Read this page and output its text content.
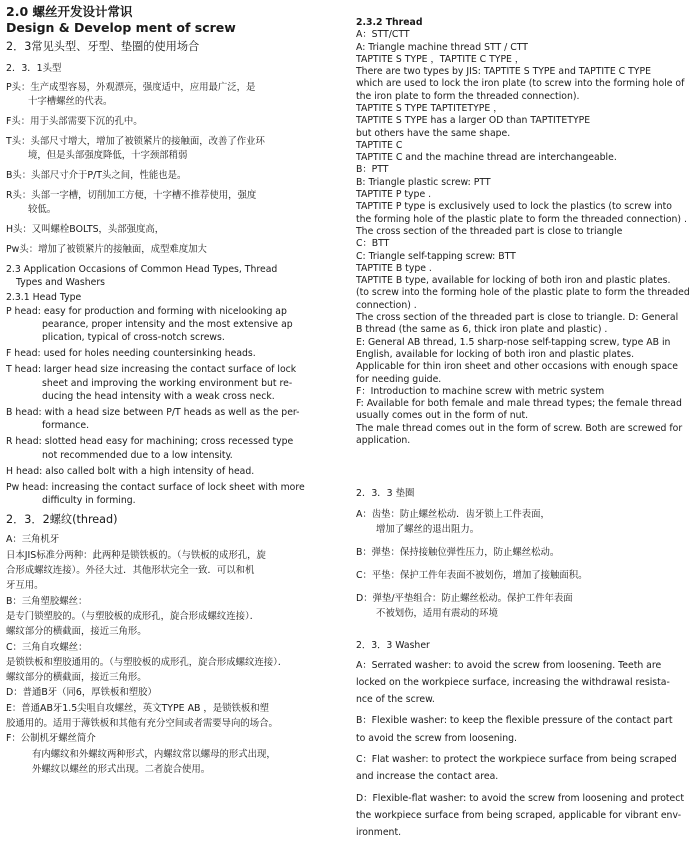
2.0 螺丝开发设计常识

Design & Develop ment of screw

2．3常见头型、牙型、垫圈的使用场合

2．3．1头型

P头：生产成型容易，外观漂亮，强度适中，应用最广泛，是

十字槽螺丝的代表。

F头：用于头部需要下沉的孔中。

T头：头部尺寸增大，增加了被锁紧片的接触面，改善了作业环

境，但是头部强度降低，十字颈部稍弱

B头：头部尺寸介于P/T头之间，性能也是。

R头：头部一字槽，切削加工方便，十字槽不推荐使用，强度

较低。

H头：又叫螺栓BOLTS，头部强度高，

Pw头：增加了被锁紧片的接触面，成型难度加大

2.3 Application Occasions of Common Head Types, Thread

Types and Washers

2.3.1 Head Type

P head: easy for production and forming with nicelooking ap

pearance, proper intensity and the most extensive ap

plication, typical of cross-notch screws.

F head: used for holes needing countersinking heads.

T head: larger head size increasing the contact surface of lock

sheet and improving the working environment but re-

ducing the head intensity with a weak cross neck.

B head: with a head size between P/T heads as well as the per-

formance.

R head: slotted head easy for machining; cross recessed type

not recommended due to a low intensity.

H head: also called bolt with a high intensity of head.

Pw head: increasing the contact surface of lock sheet with more

difficulty in forming.

2．3．2螺纹(thread)

A：三角机牙

日本JIS标准分两种：此两种是锁铁板的。（与铁板的成形孔，旋

合形成螺纹连接）。外径大过．其他形状完全一致．可以和机

牙互用。

B：三角塑胶螺丝：

是专门锁塑胶的。（与塑胶板的成形孔，旋合形成螺纹连接）．

螺纹部分的横截面，接近三角形。

C：三角自攻螺丝：

是锁铁板和塑胶通用的。（与塑胶板的成形孔，旋合形成螺纹连接）．

螺纹部分的横截面，接近三角形。

D：普通B牙（同6，厚铁板和塑胶）

E：普通AB牙1.5尖咀自攻螺丝，英文TYPE AB ，是锁铁板和塑

胶通用的。适用于薄铁板和其他有充分空间或者需要导向的场合。

F：公制机牙螺丝简介

有内螺纹和外螺纹两种形式，内螺纹常以螺母的形式出现，

外螺纹以螺丝的形式出现。二者旋合使用。

2.3.2 Thread

A：STT/CTT

A: Triangle machine thread STT / CTT

TAPTITE S TYPE ，TAPTITE C TYPE ，

There are two types by JIS: TAPTITE S TYPE and TAPTITE C TYPE

which are used to lock the iron plate (to screw into the forming hole of

the iron plate to form the threaded connection).

TAPTITE S TYPE TAPTITETYPE ，

TAPTITE S TYPE has a larger OD than TAPTITETYPE

but others have the same shape.

TAPTITE C

TAPTITE C and the machine thread are interchangeable.

B：PTT

B: Triangle plastic screw: PTT

TAPTITE P type .

TAPTITE P type is exclusively used to lock the plastics (to screw into

the forming hole of the plastic plate to form the threaded connection) .

The cross section of the threaded part is close to triangle

C：BTT

C: Triangle self-tapping screw: BTT

TAPTITE B type .

TAPTITE B type, available for locking of both iron and plastic plates.

(to screw into the forming hole of the plastic plate to form the threaded

connection) .

The cross section of the threaded part is close to triangle. D: General

B thread (the same as 6, thick iron plate and plastic) .

E: General AB thread, 1.5 sharp-nose self-tapping screw, type AB in

English, available for locking of both iron and plastic plates.

Applicable for thin iron sheet and other occasions with enough space

for needing guide.

F：Introduction to machine screw with metric system

F: Available for both female and male thread types; the female thread

usually comes out in the form of nut.

The male thread comes out in the form of screw. Both are screwed for

application.

2．3．3 垫圈

A：齿垫：防止螺丝松动．齿牙锁上工件表面，

增加了螺丝的退出阻力。

B：弹垫：保持接触位弹性压力，防止螺丝松动。

C：平垫：保护工件年表面不被划伤，增加了接触面积。

D：弹垫/平垫组合：防止螺丝松动。保护工件年表面

不被划伤，适用有震动的环境

2．3．3 Washer

A：Serrated washer: to avoid the screw from loosening. Teeth are

locked on the workpiece surface, increasing the withdrawal resista-

nce of the screw.

B：Flexible washer: to keep the flexible pressure of the contact part

to avoid the screw from loosening.

C：Flat washer: to protect the workpiece surface from being scraped

and increase the contact area.

D：Flexible-flat washer: to avoid the screw from loosening and protect

the workpiece surface from being scraped, applicable for vibrant env-

ironment.
